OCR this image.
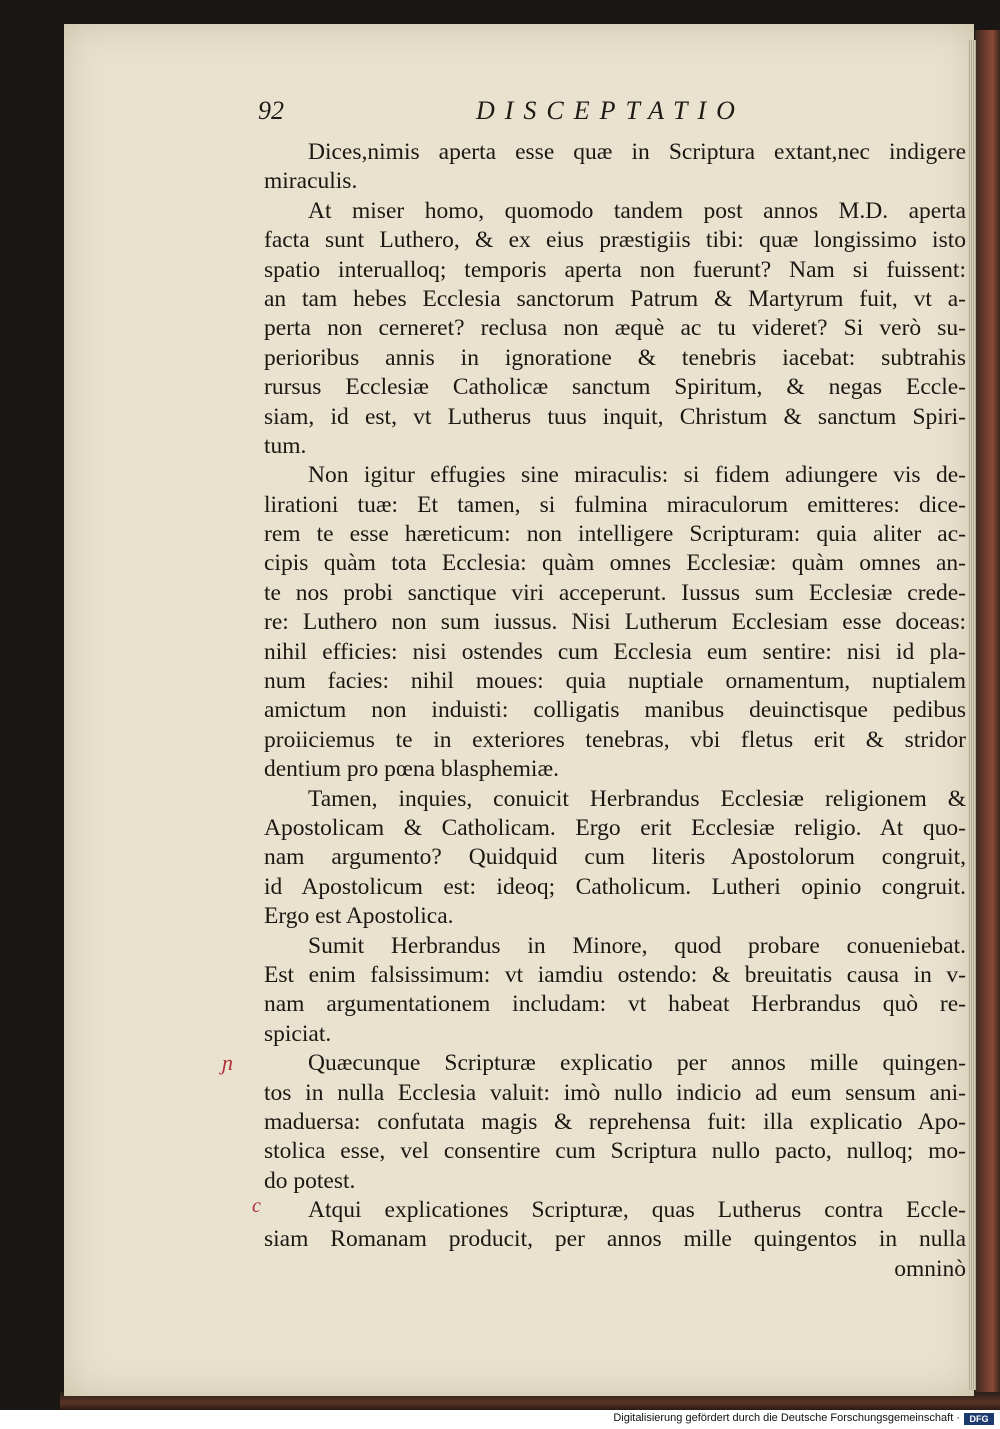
92	DISCEPTATIO
Dices,nimis aperta esse quæ in Scriptura extant,nec indigere
miraculis.
At miser homo, quomodo tandem post annos M.D. aperta
facta sunt Luthero, & ex eius præstigiis tibi: quæ longissimo isto
spatio interualloq; temporis aperta non fuerunt? Nam si fuissent:
an tam hebes Ecclesia sanctorum Patrum & Martyrum fuit, vt a-
perta non cerneret? reclusa non æquè ac tu videret? Si verò su-
perioribus annis in ignoratione & tenebris iacebat: subtrahis
rursus Ecclesiæ Catholicæ sanctum Spiritum, & negas Eccle-
siam, id est, vt Lutherus tuus inquit, Christum & sanctum Spiri-
tum.
Non igitur effugies sine miraculis: si fidem adiungere vis de-
lirationi tuæ: Et tamen, si fulmina miraculorum emitteres: dice-
rem te esse hæreticum: non intelligere Scripturam: quia aliter ac-
cipis quàm tota Ecclesia: quàm omnes Ecclesiæ: quàm omnes an-
te nos probi sanctique viri acceperunt. Iussus sum Ecclesiæ crede-
re: Luthero non sum iussus. Nisi Lutherum Ecclesiam esse doceas:
nihil efficies: nisi ostendes cum Ecclesia eum sentire: nisi id pla-
num facies: nihil moues: quia nuptiale ornamentum, nuptialem
amictum non induisti: colligatis manibus deuinctisque pedibus
proiiciemus te in exteriores tenebras, vbi fletus erit & stridor
dentium pro pœna blasphemiæ.
Tamen, inquies, conuicit Herbrandus Ecclesiæ religionem &
Apostolicam & Catholicam. Ergo erit Ecclesiæ religio. At quo-
nam argumento? Quidquid cum literis Apostolorum congruit,
id Apostolicum est: ideoq; Catholicum. Lutheri opinio congruit.
Ergo est Apostolica.
Sumit Herbrandus in Minore, quod probare conueniebat.
Est enim falsissimum: vt iamdiu ostendo: & breuitatis causa in v-
nam argumentationem includam: vt habeat Herbrandus quò re-
spiciat.
Quæcunque Scripturæ explicatio per annos mille quingen-
tos in nulla Ecclesia valuit: imò nullo indicio ad eum sensum ani-
maduersa: confutata magis & reprehensa fuit: illa explicatio Apo-
stolica esse, vel consentire cum Scriptura nullo pacto, nulloq; mo-
do potest.
Atqui explicationes Scripturæ, quas Lutherus contra Eccle-
siam Romanam producit, per annos mille quingentos in nulla
omninò
ɲ
c
Digitalisierung gefördert durch die Deutsche Forschungsgemeinschaft ·	DFG
